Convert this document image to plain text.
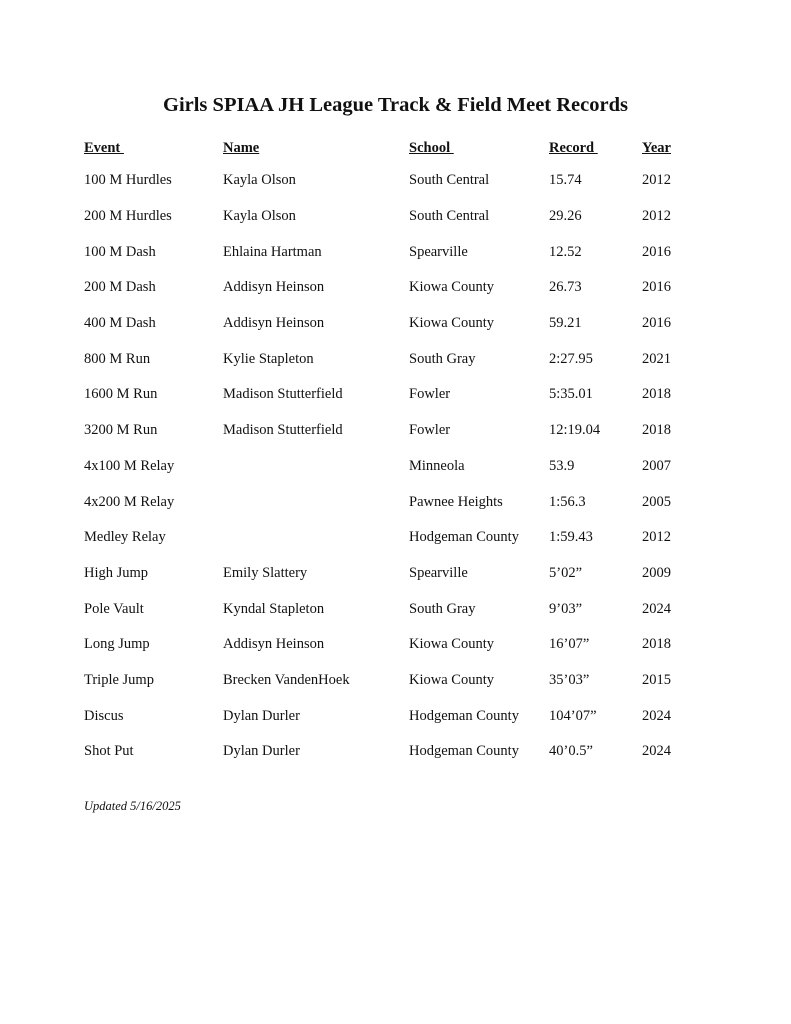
Girls SPIAA JH League Track & Field Meet Records
Event	Name	School	Record	Year
100 M Hurdles	Kayla Olson	South Central	15.74	2012
200 M Hurdles	Kayla Olson	South Central	29.26	2012
100 M Dash	Ehlaina Hartman	Spearville	12.52	2016
200 M Dash	Addisyn Heinson	Kiowa County	26.73	2016
400 M Dash	Addisyn Heinson	Kiowa County	59.21	2016
800 M Run	Kylie Stapleton	South Gray	2:27.95	2021
1600 M Run	Madison Stutterfield	Fowler	5:35.01	2018
3200 M Run	Madison Stutterfield	Fowler	12:19.04	2018
4x100 M Relay		Minneola	53.9	2007
4x200 M Relay		Pawnee Heights	1:56.3	2005
Medley Relay		Hodgeman County	1:59.43	2012
High Jump	Emily Slattery	Spearville	5’02”	2009
Pole Vault	Kyndal Stapleton	South Gray	9’03”	2024
Long Jump	Addisyn Heinson	Kiowa County	16’07”	2018
Triple Jump	Brecken VandenHoek	Kiowa County	35’03”	2015
Discus	Dylan Durler	Hodgeman County	104’07”	2024
Shot Put	Dylan Durler	Hodgeman County	40’0.5”	2024

Updated 5/16/2025
